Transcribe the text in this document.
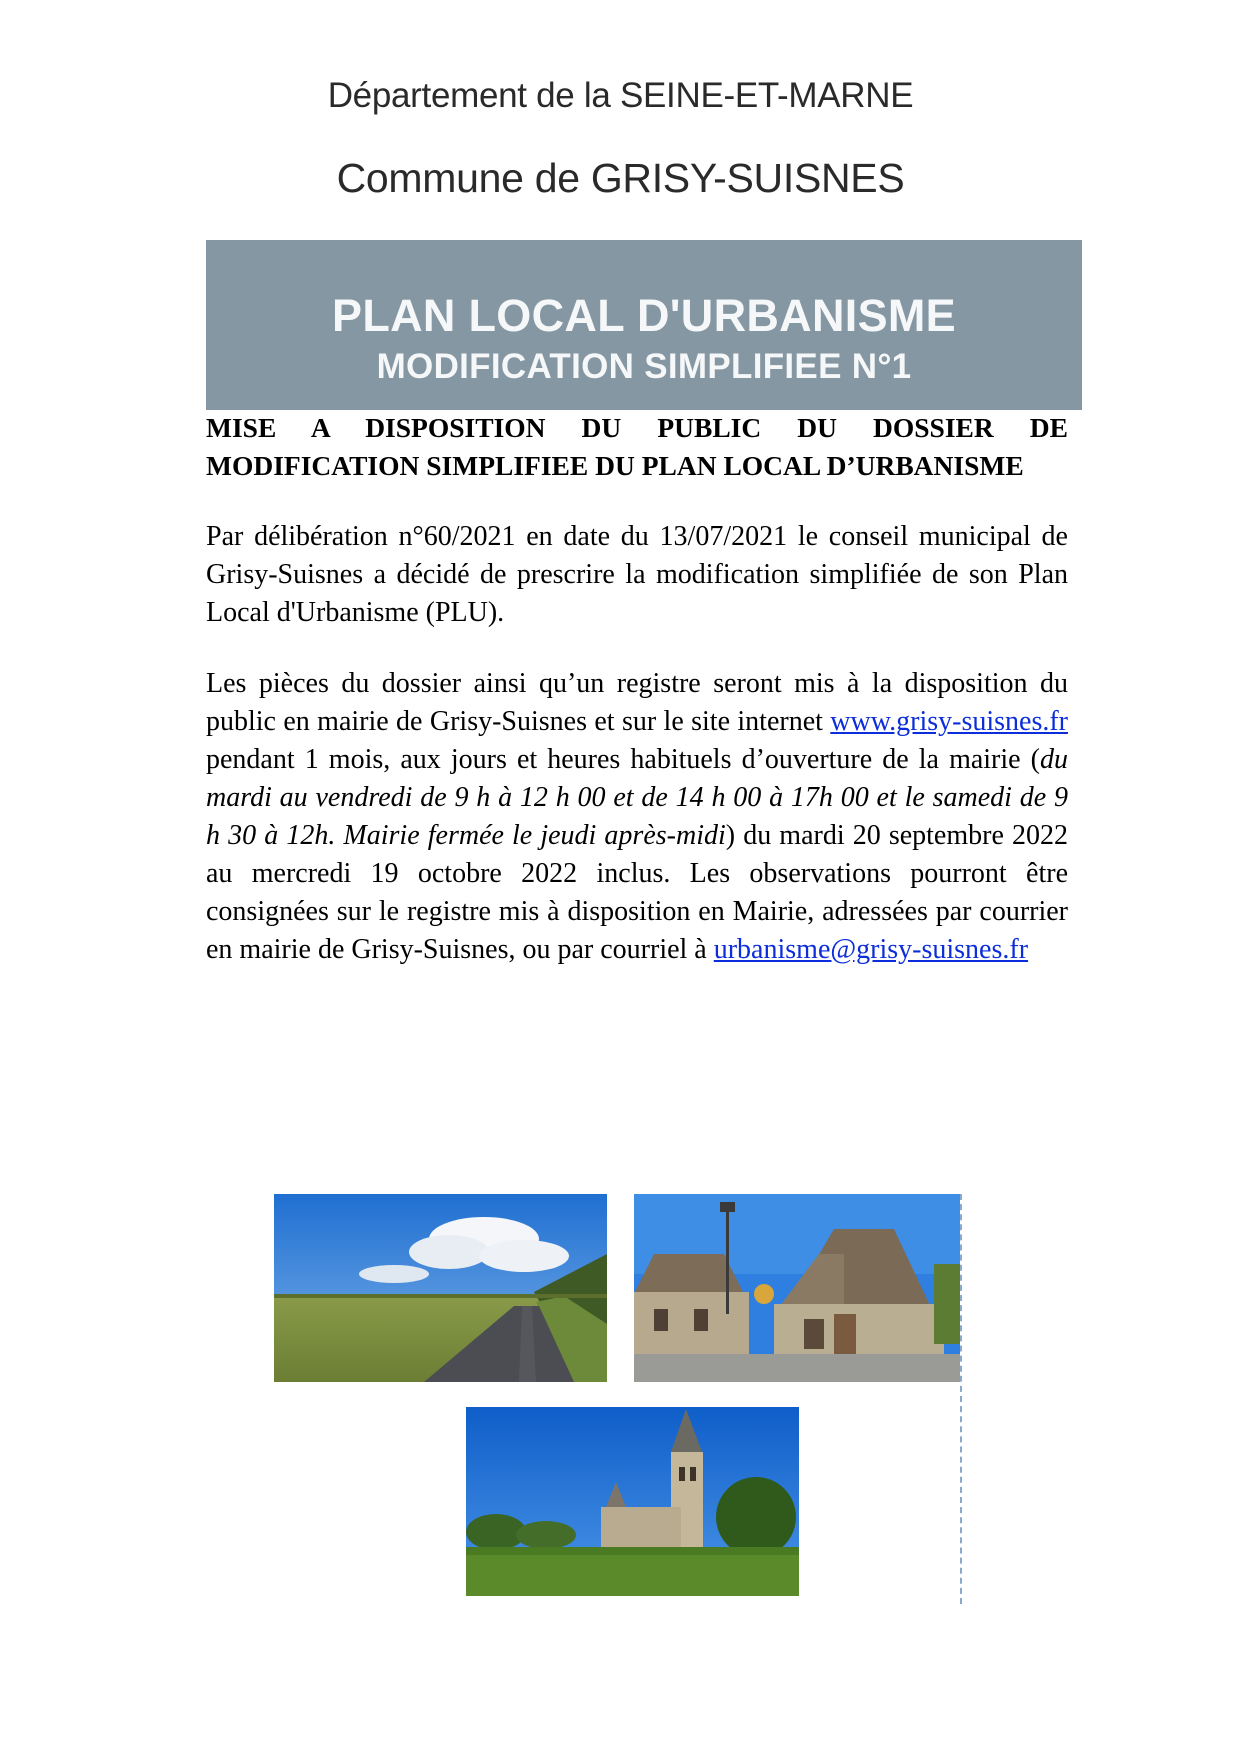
Département de la SEINE-ET-MARNE
Commune de GRISY-SUISNES
PLAN LOCAL D'URBANISME
MODIFICATION SIMPLIFIEE N°1
MISE A DISPOSITION DU PUBLIC DU DOSSIER DE MODIFICATION SIMPLIFIEE DU PLAN LOCAL D’URBANISME

Par délibération n°60/2021 en date du 13/07/2021 le conseil municipal de Grisy-Suisnes a décidé de prescrire la modification simplifiée de son Plan Local d'Urbanisme (PLU).

Les pièces du dossier ainsi qu’un registre seront mis à la disposition du public en mairie de Grisy-Suisnes et sur le site internet www.grisy-suisnes.fr pendant 1 mois, aux jours et heures habituels d’ouverture de la mairie (du mardi au vendredi de 9 h à 12 h 00 et de 14 h 00 à 17h 00 et le samedi de 9 h 30 à 12h. Mairie fermée le jeudi après-midi) du mardi 20 septembre 2022 au mercredi 19 octobre 2022 inclus. Les observations pourront être consignées sur le registre mis à disposition en Mairie, adressées par courrier en mairie de Grisy-Suisnes, ou par courriel à urbanisme@grisy-suisnes.fr
